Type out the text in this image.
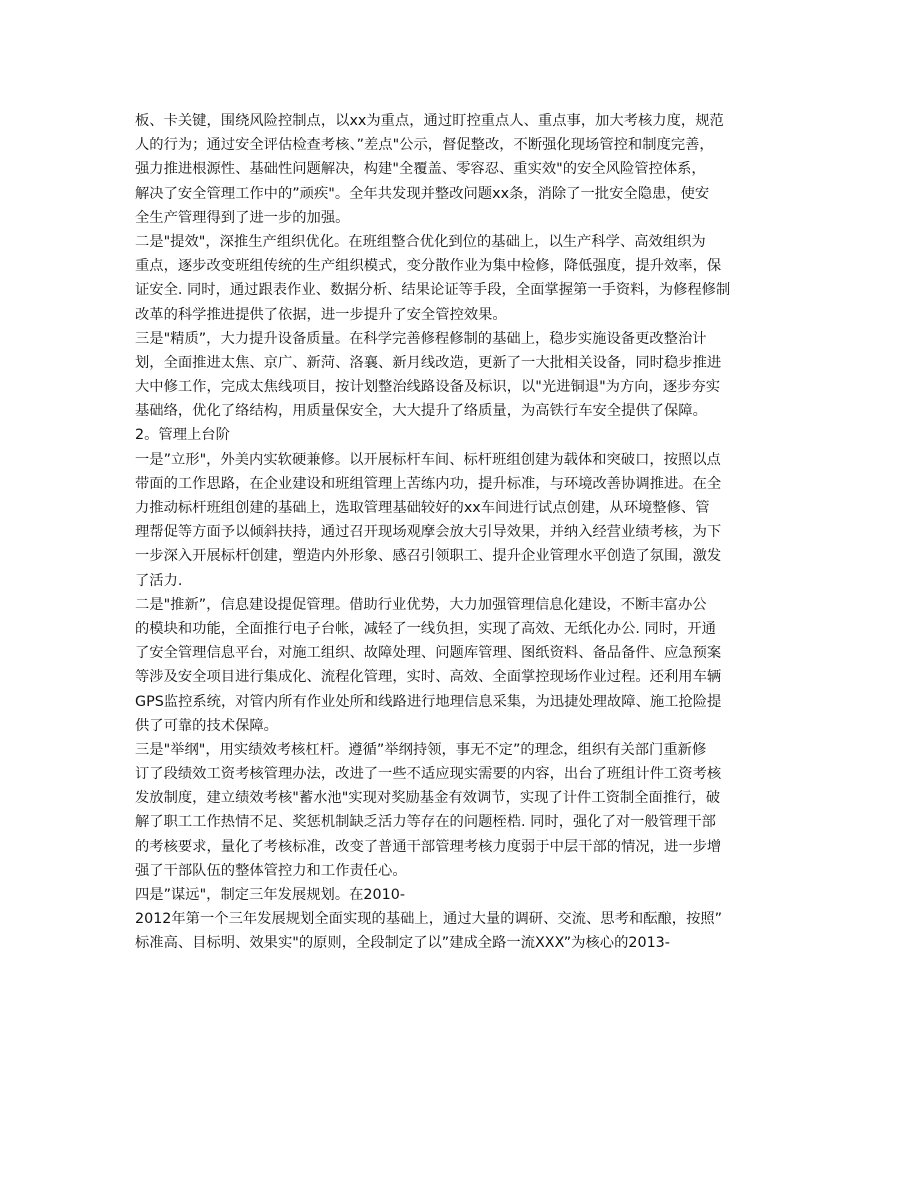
板、卡关键，围绕风险控制点，以xx为重点，通过盯控重点人、重点事，加大考核力度，规范
人的行为；通过安全评估检查考核、”差点"公示，督促整改，不断强化现场管控和制度完善，
强力推进根源性、基础性问题解决，构建"全覆盖、零容忍、重实效"的安全风险管控体系，
解决了安全管理工作中的”顽疾"。全年共发现并整改问题xx条，消除了一批安全隐患，使安
全生产管理得到了进一步的加强。
二是"提效"，深推生产组织优化。在班组整合优化到位的基础上，以生产科学、高效组织为
重点，逐步改变班组传统的生产组织模式，变分散作业为集中检修，降低强度，提升效率，保
证安全. 同时，通过跟表作业、数据分析、结果论证等手段，全面掌握第一手资料，为修程修制
改革的科学推进提供了依据，进一步提升了安全管控效果。
三是"精质”，大力提升设备质量。在科学完善修程修制的基础上，稳步实施设备更改整治计
划，全面推进太焦、京广、新菏、洛襄、新月线改造，更新了一大批相关设备，同时稳步推进
大中修工作，完成太焦线项目，按计划整治线路设备及标识，以"光进铜退"为方向，逐步夯实
基础络，优化了络结构，用质量保安全，大大提升了络质量，为高铁行车安全提供了保障。
2。管理上台阶
一是”立形"，外美内实软硬兼修。以开展标杆车间、标杆班组创建为载体和突破口，按照以点
带面的工作思路，在企业建设和班组管理上苦练内功，提升标准，与环境改善协调推进。在全
力推动标杆班组创建的基础上，选取管理基础较好的xx车间进行试点创建，从环境整修、管
理帮促等方面予以倾斜扶持，通过召开现场观摩会放大引导效果，并纳入经营业绩考核，为下
一步深入开展标杆创建，塑造内外形象、感召引领职工、提升企业管理水平创造了氛围，激发
了活力.
二是"推新”，信息建设提促管理。借助行业优势，大力加强管理信息化建设，不断丰富办公
的模块和功能，全面推行电子台帐，减轻了一线负担，实现了高效、无纸化办公. 同时，开通
了安全管理信息平台，对施工组织、故障处理、问题库管理、图纸资料、备品备件、应急预案
等涉及安全项目进行集成化、流程化管理，实时、高效、全面掌控现场作业过程。还利用车辆
GPS监控系统，对管内所有作业处所和线路进行地理信息采集，为迅捷处理故障、施工抢险提
供了可靠的技术保障。
三是"举纲"，用实绩效考核杠杆。遵循”举纲持领，事无不定”的理念，组织有关部门重新修
订了段绩效工资考核管理办法，改进了一些不适应现实需要的内容，出台了班组计件工资考核
发放制度，建立绩效考核"蓄水池"实现对奖励基金有效调节，实现了计件工资制全面推行，破
解了职工工作热情不足、奖惩机制缺乏活力等存在的问题桎梏. 同时，强化了对一般管理干部
的考核要求，量化了考核标准，改变了普通干部管理考核力度弱于中层干部的情况，进一步增
强了干部队伍的整体管控力和工作责任心。
四是”谋远"，制定三年发展规划。在2010-
2012年第一个三年发展规划全面实现的基础上，通过大量的调研、交流、思考和酝酿，按照”
标准高、目标明、效果实"的原则，全段制定了以”建成全路一流XXX”为核心的2013-
